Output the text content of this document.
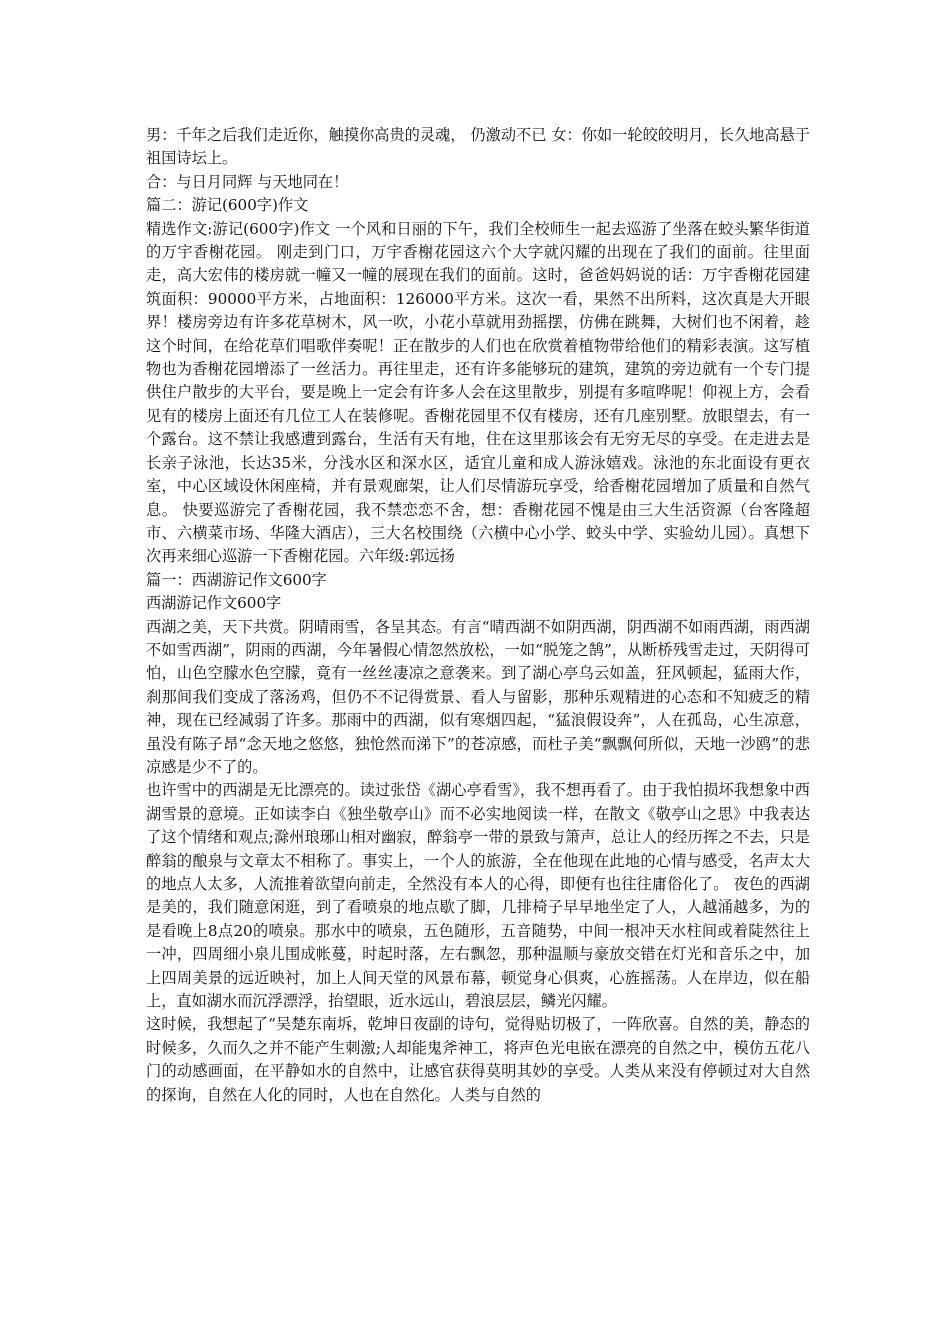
男：千年之后我们走近你，触摸你高贵的灵魂， 仍激动不已 女：你如一轮皎皎明月，长久地高悬于祖国诗坛上。

合：与日月同辉 与天地同在！

篇二：游记(600字)作文

精选作文:游记(600字)作文 一个风和日丽的下午，我们全校师生一起去巡游了坐落在蛟头繁华街道的万宇香榭花园。 刚走到门口，万宇香榭花园这六个大字就闪耀的出现在了我们的面前。往里面走，高大宏伟的楼房就一幢又一幢的展现在我们的面前。这时，爸爸妈妈说的话：万宇香榭花园建筑面积：90000平方米，占地面积：126000平方米。这次一看，果然不出所料，这次真是大开眼界！楼房旁边有许多花草树木，风一吹，小花小草就用劲摇摆，仿佛在跳舞，大树们也不闲着，趁这个时间，在给花草们唱歌伴奏呢！正在散步的人们也在欣赏着植物带给他们的精彩表演。这写植物也为香榭花园增添了一丝活力。再往里走，还有许多能够玩的建筑，建筑的旁边就有一个专门提供住户散步的大平台，要是晚上一定会有许多人会在这里散步，别提有多喧哗呢！仰视上方，会看见有的楼房上面还有几位工人在装修呢。香榭花园里不仅有楼房，还有几座别墅。放眼望去，有一个露台。这不禁让我感遭到露台，生活有天有地，住在这里那该会有无穷无尽的享受。在走进去是长亲子泳池，长达35米，分浅水区和深水区，适宜儿童和成人游泳嬉戏。泳池的东北面设有更衣室，中心区域设休闲座椅，并有景观廊架，让人们尽情游玩享受，给香榭花园增加了质量和自然气息。 快要巡游完了香榭花园，我不禁恋恋不舍，想：香榭花园不愧是由三大生活资源（台客隆超市、六横菜市场、华隆大酒店），三大名校围绕（六横中心小学、蛟头中学、实验幼儿园）。真想下次再来细心巡游一下香榭花园。六年级:郭远扬

篇一：西湖游记作文600字

西湖游记作文600字

西湖之美，天下共赏。阴晴雨雪，各呈其态。有言“晴西湖不如阴西湖，阴西湖不如雨西湖，雨西湖不如雪西湖”，阴雨的西湖，今年暑假心情忽然放松，一如“脱笼之鹄”，从断桥残雪走过，天阴得可怕，山色空朦水色空朦，竟有一丝丝凄凉之意袭来。到了湖心亭乌云如盖，狂风顿起，猛雨大作，刹那间我们变成了落汤鸡，但仍不不记得赏景、看人与留影，那种乐观精进的心态和不知疲乏的精神，现在已经减弱了许多。那雨中的西湖，似有寒烟四起，“猛浪假设奔”，人在孤岛，心生凉意，虽没有陈子昂“念天地之悠悠，独怆然而涕下”的苍凉感，而杜子美“飘飘何所似，天地一沙鸥”的悲凉感是少不了的。

也许雪中的西湖是无比漂亮的。读过张岱《湖心亭看雪》，我不想再看了。由于我怕损坏我想象中西湖雪景的意境。正如读李白《独坐敬亭山》而不必实地阅读一样，在散文《敬亭山之思》中我表达了这个情绪和观点;滁州琅琊山相对幽寂，醉翁亭一带的景致与箫声，总让人的经历挥之不去，只是醉翁的酿泉与文章太不相称了。事实上，一个人的旅游，全在他现在此地的心情与感受，名声太大的地点人太多，人流推着欲望向前走，全然没有本人的心得，即便有也往往庸俗化了。 夜色的西湖是美的，我们随意闲逛，到了看喷泉的地点歇了脚，几排椅子早早地坐定了人，人越涌越多，为的是看晚上8点20的喷泉。那水中的喷泉，五色随形，五音随势，中间一根冲天水柱间或着陡然往上一冲，四周细小泉儿围成帐蔓，时起时落，左右飘忽，那种温顺与豪放交错在灯光和音乐之中，加上四周美景的远近映衬，加上人间天堂的风景布幕，顿觉身心俱爽，心旌摇荡。人在岸边，似在船上，直如湖水而沉浮漂浮，抬望眼，近水远山，碧浪层层，鳞光闪耀。

这时候，我想起了“吴楚东南坼，乾坤日夜副的诗句，觉得贴切极了，一阵欣喜。自然的美，静态的时候多，久而久之并不能产生刺激;人却能鬼斧神工，将声色光电嵌在漂亮的自然之中，模仿五花八门的动感画面，在平静如水的自然中，让感官获得莫明其妙的享受。人类从来没有停顿过对大自然的探询，自然在人化的同时，人也在自然化。人类与自然的
